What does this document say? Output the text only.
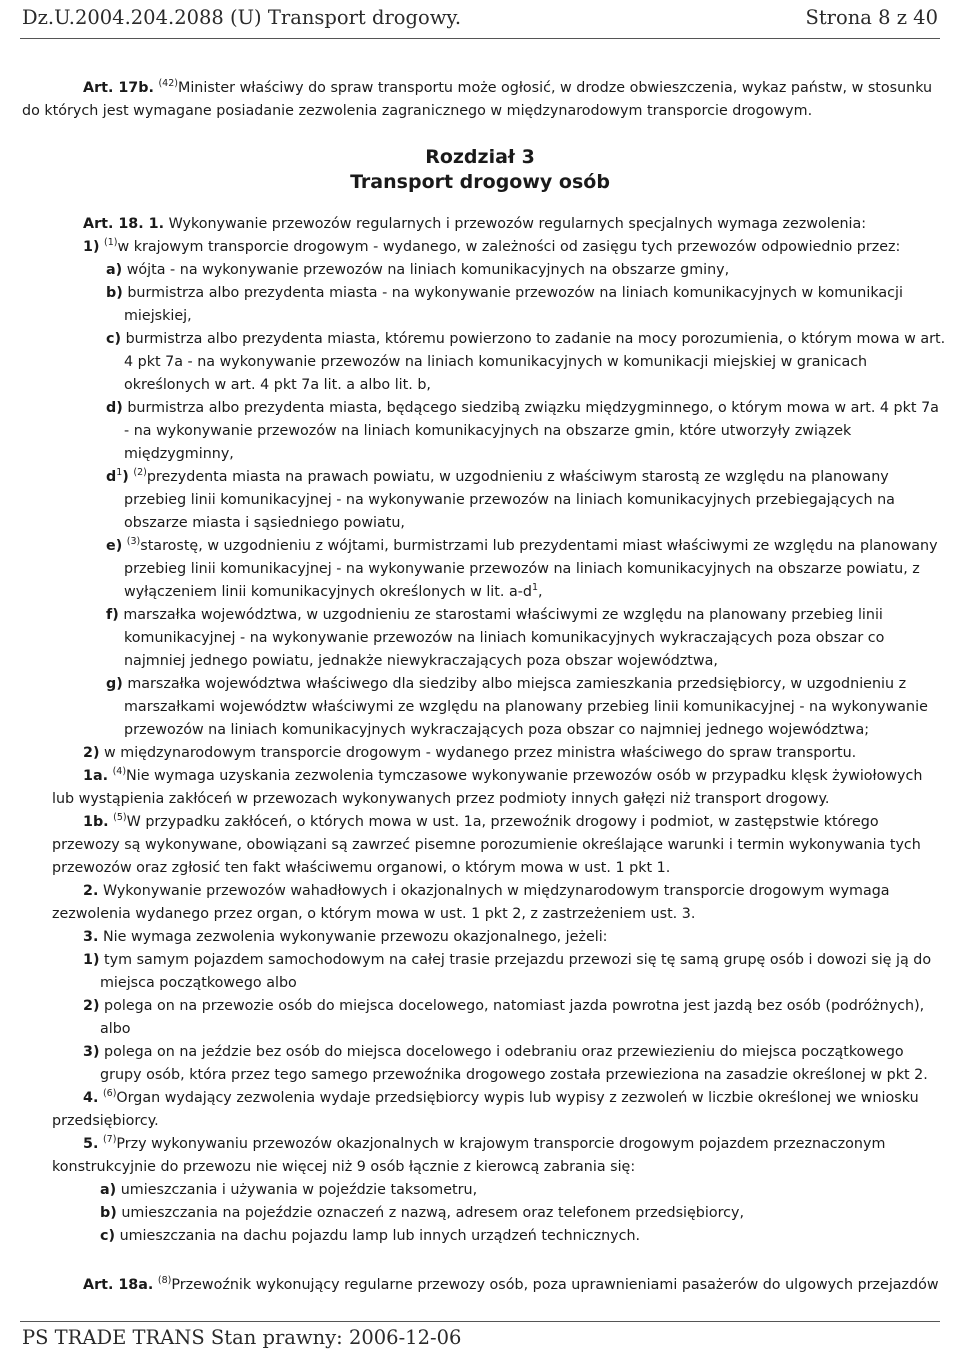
Dz.U.2004.204.2088 (U) Transport drogowy.	Strona 8 z 40
Rozdział 3
Transport drogowy osób
Art. 17b. $^{(42)}$Minister właściwy do spraw transportu może ogłosić, w drodze obwieszczenia, wykaz państw, w stosunku
do których jest wymagane posiadanie zezwolenia zagranicznego w międzynarodowym transporcie drogowym.
Art. 18. 1. Wykonywanie przewozów regularnych i przewozów regularnych specjalnych wymaga zezwolenia:
1) $^{(1)}$w krajowym transporcie drogowym - wydanego, w zależności od zasięgu tych przewozów odpowiednio przez:
a) wójta - na wykonywanie przewozów na liniach komunikacyjnych na obszarze gminy,
b) burmistrza albo prezydenta miasta - na wykonywanie przewozów na liniach komunikacyjnych w komunikacji
miejskiej,
c) burmistrza albo prezydenta miasta, któremu powierzono to zadanie na mocy porozumienia, o którym mowa w art.
4 pkt 7a - na wykonywanie przewozów na liniach komunikacyjnych w komunikacji miejskiej w granicach
określonych w art. 4 pkt 7a lit. a albo lit. b,
d) burmistrza albo prezydenta miasta, będącego siedzibą związku międzygminnego, o którym mowa w art. 4 pkt 7a
- na wykonywanie przewozów na liniach komunikacyjnych na obszarze gmin, które utworzyły związek
międzygminny,
$d^1$) $^{(2)}$prezydenta miasta na prawach powiatu, w uzgodnieniu z właściwym starostą ze względu na planowany
przebieg linii komunikacyjnej - na wykonywanie przewozów na liniach komunikacyjnych przebiegających na
obszarze miasta i sąsiedniego powiatu,
e) $^{(3)}$starostę, w uzgodnieniu z wójtami, burmistrzami lub prezydentami miast właściwymi ze względu na planowany
przebieg linii komunikacyjnej - na wykonywanie przewozów na liniach komunikacyjnych na obszarze powiatu, z
wyłączeniem linii komunikacyjnych określonych w lit. $a-d^1$,
f) marszałka województwa, w uzgodnieniu ze starostami właściwymi ze względu na planowany przebieg linii
komunikacyjnej - na wykonywanie przewozów na liniach komunikacyjnych wykraczających poza obszar co
najmniej jednego powiatu, jednakże niewykraczających poza obszar województwa,
g) marszałka województwa właściwego dla siedziby albo miejsca zamieszkania przedsiębiorcy, w uzgodnieniu z
marszałkami województw właściwymi ze względu na planowany przebieg linii komunikacyjnej - na wykonywanie
przewozów na liniach komunikacyjnych wykraczających poza obszar co najmniej jednego województwa;
2) w międzynarodowym transporcie drogowym - wydanego przez ministra właściwego do spraw transportu.
1a. $^{(4)}$Nie wymaga uzyskania zezwolenia tymczasowe wykonywanie przewozów osób w przypadku klęsk żywiołowych
lub wystąpienia zakłóceń w przewozach wykonywanych przez podmioty innych gałęzi niż transport drogowy.
1b. $^{(5)}$W przypadku zakłóceń, o których mowa w ust. 1a, przewoźnik drogowy i podmiot, w zastępstwie którego
przewozy są wykonywane, obowiązani są zawrzeć pisemne porozumienie określające warunki i termin wykonywania tych
przewozów oraz zgłosić ten fakt właściwemu organowi, o którym mowa w ust. 1 pkt 1.
2. Wykonywanie przewozów wahadłowych i okazjonalnych w międzynarodowym transporcie drogowym wymaga
zezwolenia wydanego przez organ, o którym mowa w ust. 1 pkt 2, z zastrzeżeniem ust. 3.
3. Nie wymaga zezwolenia wykonywanie przewozu okazjonalnego, jeżeli:
1) tym samym pojazdem samochodowym na całej trasie przejazdu przewozi się tę samą grupę osób i dowozi się ją do
miejsca początkowego albo
2) polega on na przewozie osób do miejsca docelowego, natomiast jazda powrotna jest jazdą bez osób (podróżnych),
albo
3) polega on na jeździe bez osób do miejsca docelowego i odebraniu oraz przewiezieniu do miejsca początkowego
grupy osób, która przez tego samego przewoźnika drogowego została przewieziona na zasadzie określonej w pkt 2.
4. $^{(6)}$Organ wydający zezwolenia wydaje przedsiębiorcy wypis lub wypisy z zezwoleń w liczbie określonej we wniosku
przedsiębiorcy.
5. $^{(7)}$Przy wykonywaniu przewozów okazjonalnych w krajowym transporcie drogowym pojazdem przeznaczonym
konstrukcyjnie do przewozu nie więcej niż 9 osób łącznie z kierowcą zabrania się:
a) umieszczania i używania w pojeździe taksometru,
b) umieszczania na pojeździe oznaczeń z nazwą, adresem oraz telefonem przedsiębiorcy,
c) umieszczania na dachu pojazdu lamp lub innych urządzeń technicznych.
Art. 18a. $^{(8)}$Przewoźnik wykonujący regularne przewozy osób, poza uprawnieniami pasażerów do ulgowych przejazdów
PS TRADE TRANS Stan prawny: 2006-12-06
